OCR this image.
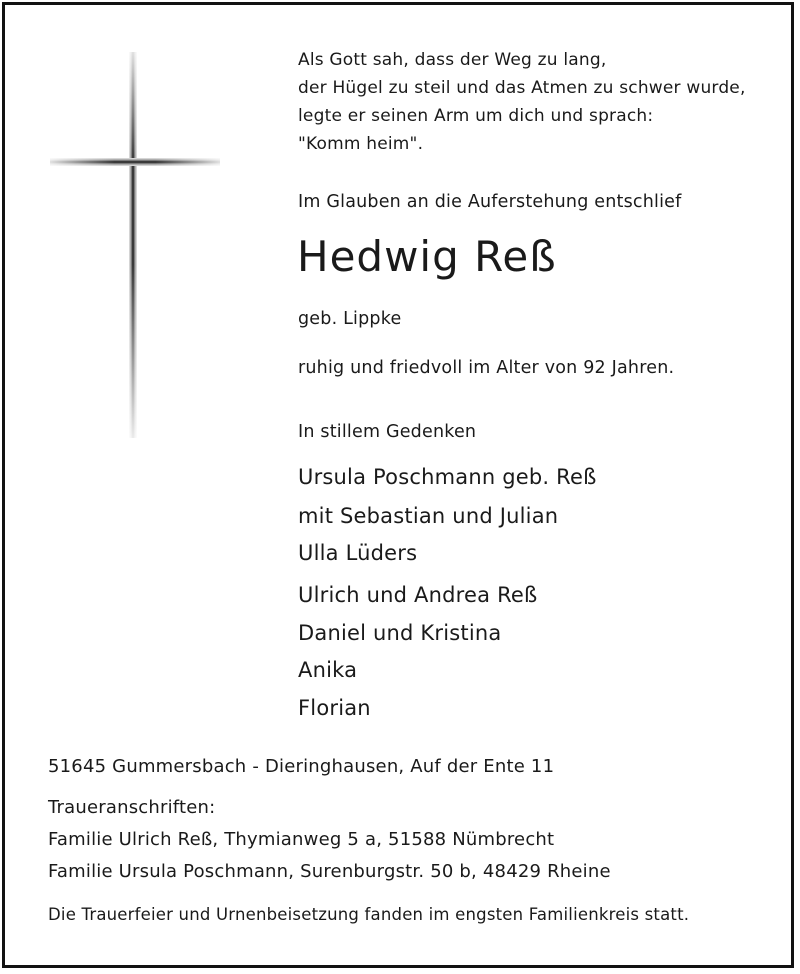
Als Gott sah, dass der Weg zu lang,
der Hügel zu steil und das Atmen zu schwer wurde,
legte er seinen Arm um dich und sprach:
"Komm heim".
Im Glauben an die Auferstehung entschlief
Hedwig Reß
geb. Lippke
ruhig und friedvoll im Alter von 92 Jahren.
In stillem Gedenken
Ursula Poschmann geb. Reß
mit Sebastian und Julian
Ulla Lüders
Ulrich und Andrea Reß
Daniel und Kristina
Anika
Florian
51645 Gummersbach - Dieringhausen, Auf der Ente 11
Traueranschriften:
Familie Ulrich Reß, Thymianweg 5 a, 51588 Nümbrecht
Familie Ursula Poschmann, Surenburgstr. 50 b, 48429 Rheine
Die Trauerfeier und Urnenbeisetzung fanden im engsten Familienkreis statt.
